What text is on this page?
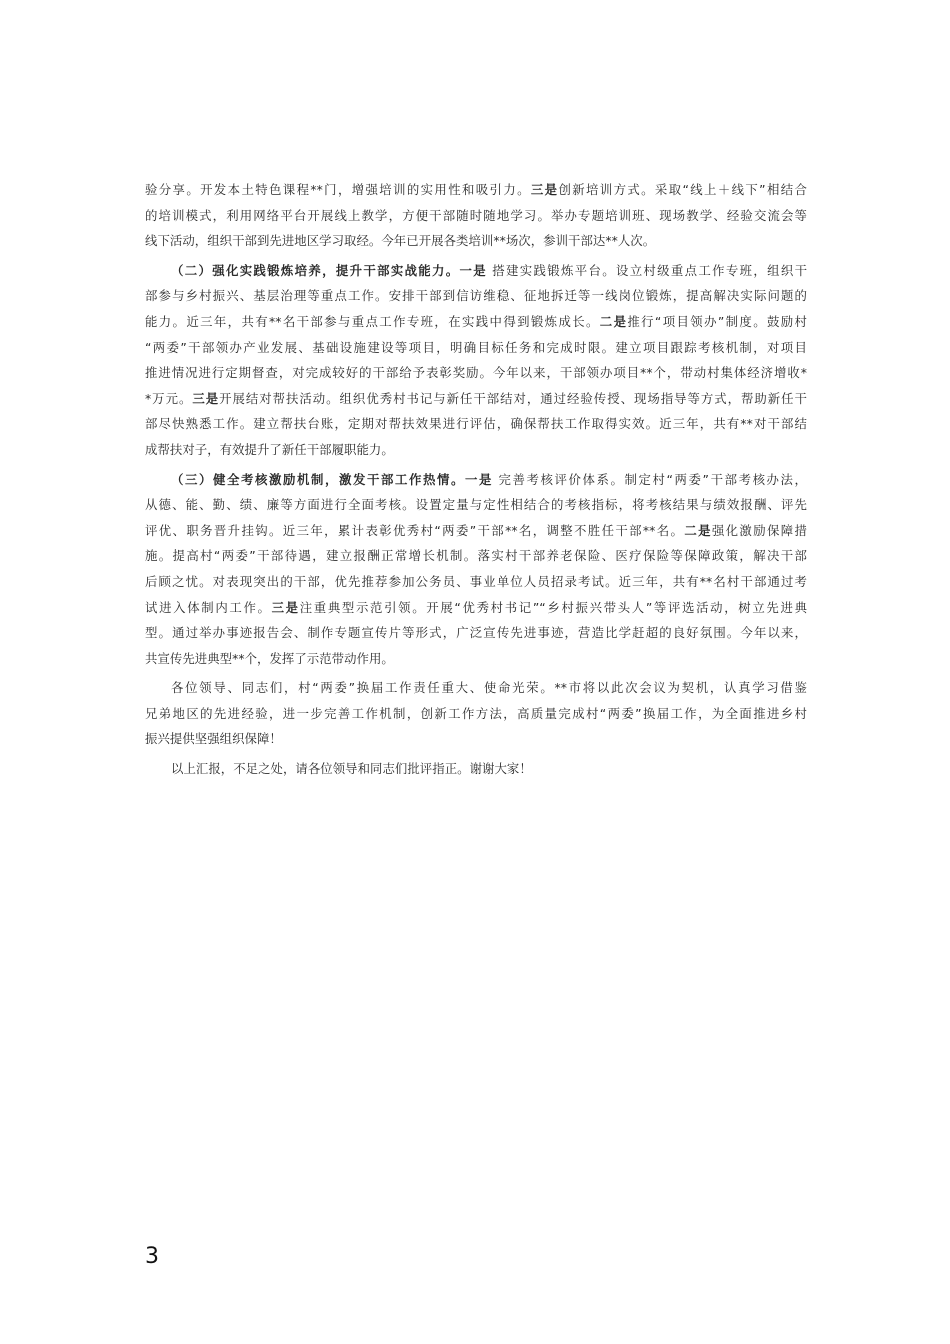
验分享。开发本土特色课程**门，增强培训的实用性和吸引力。三是创新培训方式。采取“线上＋线下”相结合
的培训模式，利用网络平台开展线上教学，方便干部随时随地学习。举办专题培训班、现场教学、经验交流会等
线下活动，组织干部到先进地区学习取经。今年已开展各类培训**场次，参训干部达**人次。
（二）强化实践锻炼培养，提升干部实战能力。一是 搭建实践锻炼平台。设立村级重点工作专班，组织干
部参与乡村振兴、基层治理等重点工作。安排干部到信访维稳、征地拆迁等一线岗位锻炼，提高解决实际问题的
能力。近三年，共有**名干部参与重点工作专班，在实践中得到锻炼成长。二是推行“项目领办”制度。鼓励村
“两委”干部领办产业发展、基础设施建设等项目，明确目标任务和完成时限。建立项目跟踪考核机制，对项目
推进情况进行定期督查，对完成较好的干部给予表彰奖励。今年以来，干部领办项目**个，带动村集体经济增收*
*万元。三是开展结对帮扶活动。组织优秀村书记与新任干部结对，通过经验传授、现场指导等方式，帮助新任干
部尽快熟悉工作。建立帮扶台账，定期对帮扶效果进行评估，确保帮扶工作取得实效。近三年，共有**对干部结
成帮扶对子，有效提升了新任干部履职能力。
（三）健全考核激励机制，激发干部工作热情。一是 完善考核评价体系。制定村“两委”干部考核办法，
从德、能、勤、绩、廉等方面进行全面考核。设置定量与定性相结合的考核指标，将考核结果与绩效报酬、评先
评优、职务晋升挂钩。近三年，累计表彰优秀村“两委”干部**名，调整不胜任干部**名。二是强化激励保障措
施。提高村“两委”干部待遇，建立报酬正常增长机制。落实村干部养老保险、医疗保险等保障政策，解决干部
后顾之忧。对表现突出的干部，优先推荐参加公务员、事业单位人员招录考试。近三年，共有**名村干部通过考
试进入体制内工作。三是注重典型示范引领。开展“优秀村书记”“乡村振兴带头人”等评选活动，树立先进典
型。通过举办事迹报告会、制作专题宣传片等形式，广泛宣传先进事迹，营造比学赶超的良好氛围。今年以来，
共宣传先进典型**个，发挥了示范带动作用。
各位领导、同志们，村“两委”换届工作责任重大、使命光荣。**市将以此次会议为契机，认真学习借鉴
兄弟地区的先进经验，进一步完善工作机制，创新工作方法，高质量完成村“两委”换届工作，为全面推进乡村
振兴提供坚强组织保障！
以上汇报，不足之处，请各位领导和同志们批评指正。谢谢大家！
3
